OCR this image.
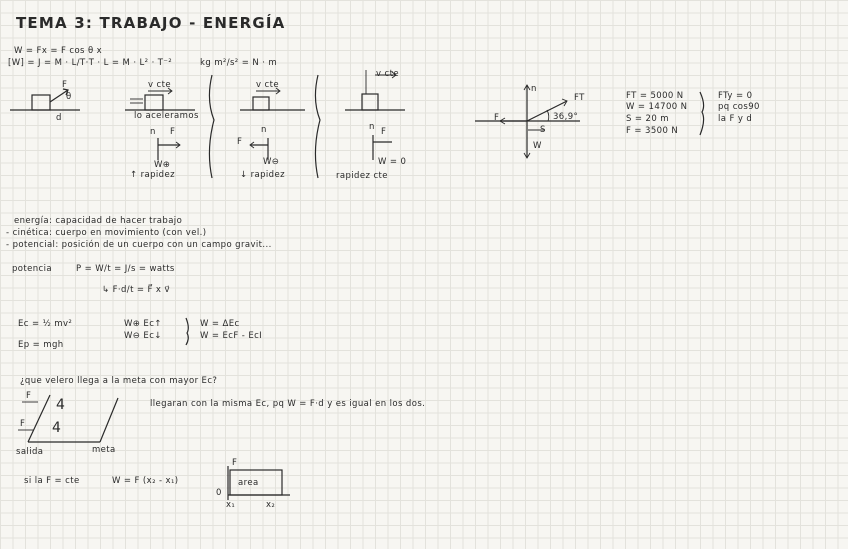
TEMA 3: TRABAJO - ENERGÍA
W = Fx = F cos θ x
[W] = J = M · L/T·T · L = M · L² · T⁻²	kg m²/s² = N · m
F
θ
d
v cte
lo aceleramos
n F
W⊕
↑ rapidez
v cte
n
F
W⊖
↓ rapidez
v cte
n F
W = 0
rapidez cte
n
FT
F
W
S
36,9°
FT = 5000 N
W = 14700 N
S = 20 m
F = 3500 N
FTy = 0
pq cos90
la F y d
energía: capacidad de hacer trabajo
- cinética: cuerpo en movimiento (con vel.)
- potencial: posición de un cuerpo con un campo gravit...
potencia	P = W/t = J/s = watts
↳ F·d/t = F⃗ x v⃗
Ec = ½ mv²
Ep = mgh
W⊕ Ec↑
W⊖ Ec↓
W = ΔEc
W = EcF - EcI
¿que velero llega a la meta con mayor Ec?
llegaran con la misma Ec, pq W = F·d y es igual en los dos.
F
F
4
4
salida	meta
si la F = cte	W = F (x₂ - x₁)
F
0
area
x₁	x₂
